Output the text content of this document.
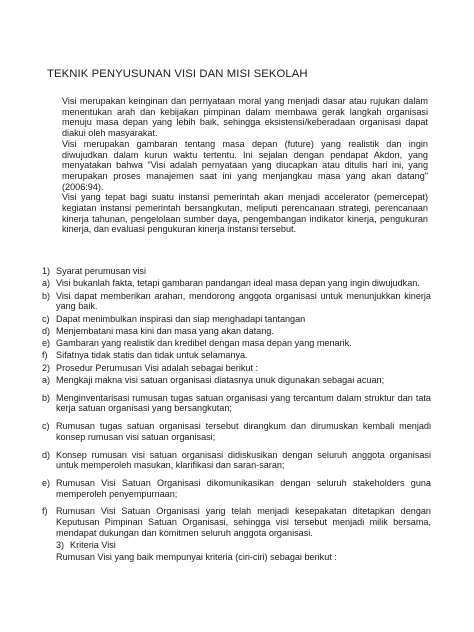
TEKNIK PENYUSUNAN VISI DAN MISI SEKOLAH

Visi merupakan keinginan dan pernyataan moral yang menjadi dasar atau rujukan dalam menentukan arah dan kebijakan pimpinan dalam membawa gerak langkah organisasi menuju masa depan yang lebih baik, sehingga eksistensi/keberadaan organisasi dapat diakui oleh masyarakat.

Visi merupakan gambaran tentang masa depan (future) yang realistik dan ingin diwujudkan dalam kurun waktu tertentu. Ini sejalan dengan pendapat Akdon, yang menyatakan bahwa "Visi adalah pernyataan yang diucapkan atau ditulis hari ini, yang merupakan proses manajemen saat ini yang menjangkau masa yang akan datang" (2006:94).

Visi yang tepat bagi suatu instansi pemerintah akan menjadi accelerator (pemercepat) kegiatan instansi pemerintah bersangkutan, meliputi perencanaan strategi, perencanaan kinerja tahunan, pengelolaan sumber daya, pengembangan indikator kinerja, pengukuran kinerja, dan evaluasi pengukuran kinerja instansi tersebut.

1) Syarat perumusan visi
a) Visi bukanlah fakta, tetapi gambaran pandangan ideal masa depan yang ingin diwujudkan.
b) Visi dapat memberikan arahan, mendorong anggota organisasi untuk menunjukkan kinerja yang baik.
c) Dapat menimbulkan inspirasi dan siap menghadapi tantangan
d) Menjembatani masa kini dan masa yang akan datang.
e) Gambaran yang realistik dan kredibel dengan masa depan yang menarik.
f) Sifatnya tidak statis dan tidak untuk selamanya.
2) Prosedur Perumusan Visi adalah sebagai berikut :
a) Mengkaji makna visi satuan organisasi diatasnya unuk digunakan sebagai acuan;
b) Menginventarisasi rumusan tugas satuan organisasi yang tercantum dalam struktur dan tata kerja satuan organisasi yang bersangkutan;
c) Rumusan tugas satuan organisasi tersebut dirangkum dan dirumuskan kembali menjadi konsep rumusan visi satuan organisasi;
d) Konsep rumusan visi satuan organisasi didiskusikan dengan seluruh anggota organisasi untuk memperoleh masukan, klarifikasi dan saran-saran;
e) Rumusan Visi Satuan Organisasi dikomunikasikan dengan seluruh stakeholders guna memperoleh penyempurnaan;
f) Rumusan Visi Satuan Organisasi yang telah menjadi kesepakatan ditetapkan dengan Keputusan Pimpinan Satuan Organisasi, sehingga visi tersebut menjadi milik bersama, mendapat dukungan dan komitmen seluruh anggota organisasi.
3) Kriteria Visi
Rumusan Visi yang baik mempunyai kriteria (ciri-ciri) sebagai berikut :
